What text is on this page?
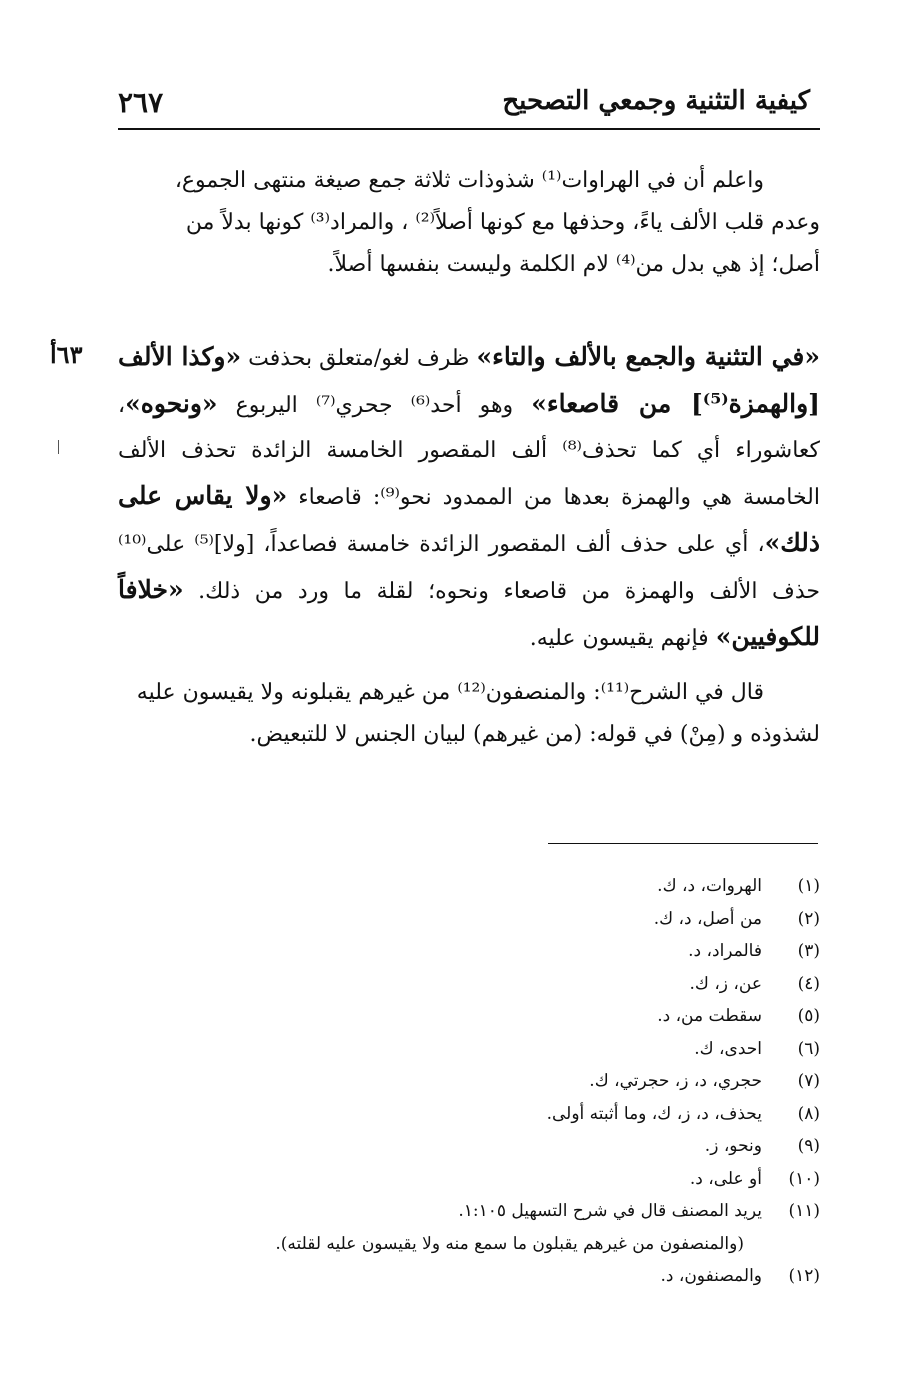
٢٦٧	كيفية التثنية وجمعي التصحيح
٦٣أ
واعلم أن في الهراوات⁽¹⁾ شذوذات ثلاثة جمع صيغة منتهى الجموع،
وعدم قلب الألف ياءً، وحذفها مع كونها أصلاً⁽²⁾ ، والمراد⁽³⁾ كونها بدلاً من
أصل؛ إذ هي بدل من⁽⁴⁾ لام الكلمة وليست بنفسها أصلاً.
«في التثنية والجمع بالألف والتاء» ظرف لغو/متعلق بحذفت «وكذا الألف [والهمزة⁽⁵⁾] من قاصعاء» وهو أحد⁽⁶⁾ جحري⁽⁷⁾ اليربوع «ونحوه»، كعاشوراء أي كما تحذف⁽⁸⁾ ألف المقصور الخامسة الزائدة تحذف الألف الخامسة هي والهمزة بعدها من الممدود نحو⁽⁹⁾: قاصعاء «ولا يقاس على ذلك»، أي على حذف ألف المقصور الزائدة خامسة فصاعداً، [ولا]⁽⁵⁾ على⁽¹⁰⁾ حذف الألف والهمزة من قاصعاء ونحوه؛ لقلة ما ورد من ذلك. «خلافاً للكوفيين» فإنهم يقيسون عليه.
قال في الشرح⁽¹¹⁾: والمنصفون⁽¹²⁾ من غيرهم يقبلونه ولا يقيسون عليه
لشذوذه و (مِنْ) في قوله: (من غيرهم) لبيان الجنس لا للتبعيض.
(١)
الهروات، د، ك.
(٢)
من أصل، د، ك.
(٣)
فالمراد، د.
(٤)
عن، ز، ك.
(٥)
سقطت من، د.
(٦)
احدى، ك.
(٧)
حجري، د، ز، حجرتي، ك.
(٨)
يحذف، د، ز، ك، وما أثبته أولى.
(٩)
ونحو، ز.
(١٠)
أو على، د.
(١١)
يريد المصنف قال في شرح التسهيل ١:١٠٥.
(والمنصفون من غيرهم يقبلون ما سمع منه ولا يقيسون عليه لقلته).
(١٢)
والمصنفون، د.
